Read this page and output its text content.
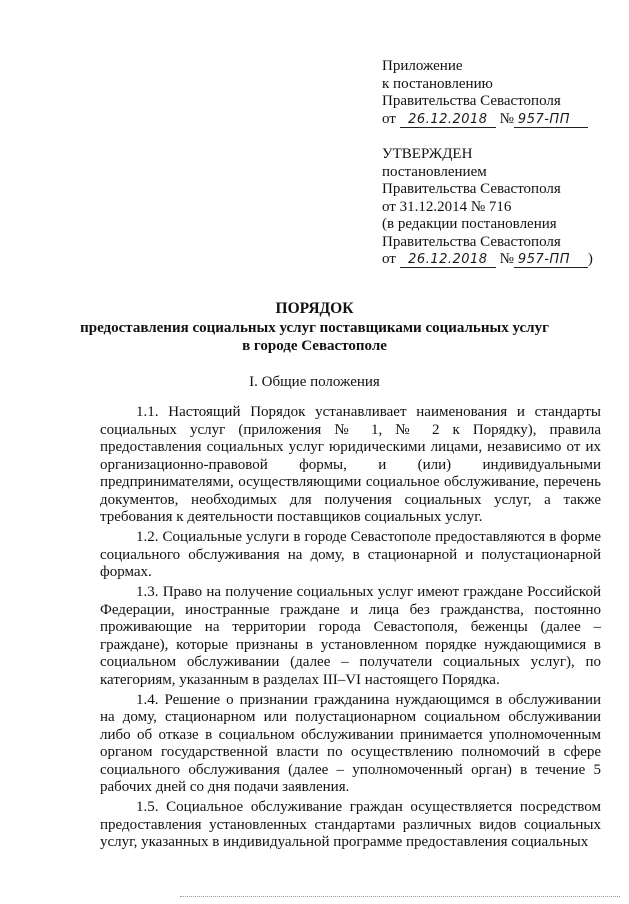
Приложение
к постановлению
Правительства Севастополя
от 26.12.2018 № 957-ПП
УТВЕРЖДЕН
постановлением
Правительства Севастополя
от 31.12.2014 № 716
(в редакции постановления
Правительства Севастополя
от 26.12.2018 № 957-ПП )
ПОРЯДОК
предоставления социальных услуг поставщиками социальных услуг
в городе Севастополе
I. Общие положения

1.1. Настоящий Порядок устанавливает наименования и стандарты социальных услуг (приложения № 1, № 2 к Порядку), правила предоставления социальных услуг юридическими лицами, независимо от их организационно-правовой формы, и (или) индивидуальными предпринимателями, осуществляющими социальное обслуживание, перечень документов, необходимых для получения социальных услуг, а также требования к деятельности поставщиков социальных услуг.

1.2. Социальные услуги в городе Севастополе предоставляются в форме социального обслуживания на дому, в стационарной и полустационарной формах.

1.3. Право на получение социальных услуг имеют граждане Российской Федерации, иностранные граждане и лица без гражданства, постоянно проживающие на территории города Севастополя, беженцы (далее – граждане), которые признаны в установленном порядке нуждающимися в социальном обслуживании (далее – получатели социальных услуг), по категориям, указанным в разделах III–VI настоящего Порядка.

1.4. Решение о признании гражданина нуждающимся в обслуживании на дому, стационарном или полустационарном социальном обслуживании либо об отказе в социальном обслуживании принимается уполномоченным органом государственной власти по осуществлению полномочий в сфере социального обслуживания (далее – уполномоченный орган) в течение 5 рабочих дней со дня подачи заявления.

1.5. Социальное обслуживание граждан осуществляется посредством предоставления установленных стандартами различных видов социальных услуг, указанных в индивидуальной программе предоставления социальных
